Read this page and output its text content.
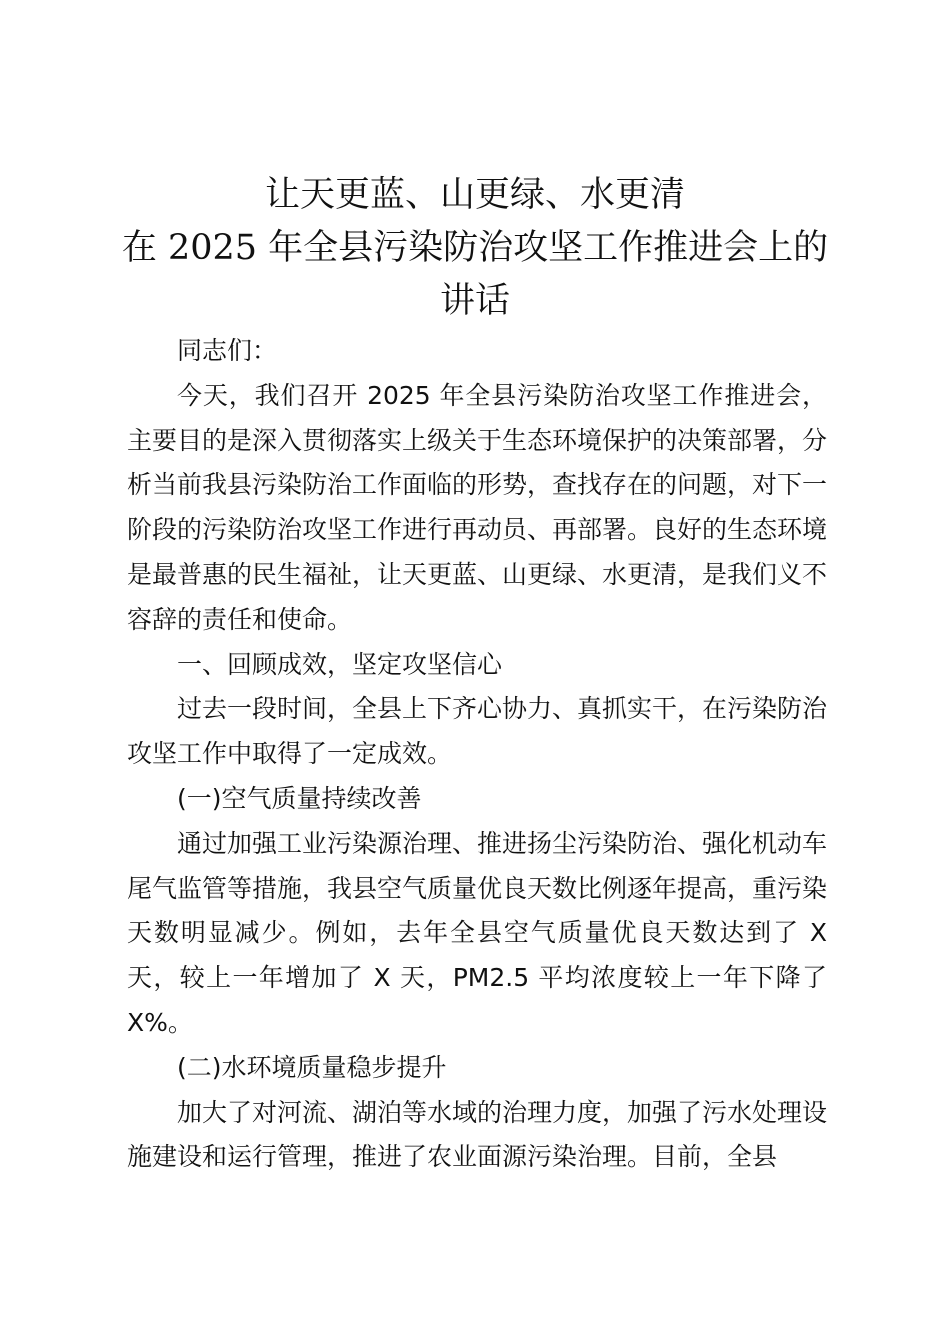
让天更蓝、山更绿、水更清
在 2025 年全县污染防治攻坚工作推进会上的
讲话

同志们：

今天，我们召开 2025 年全县污染防治攻坚工作推进会，主要目的是深入贯彻落实上级关于生态环境保护的决策部署，分析当前我县污染防治工作面临的形势，查找存在的问题，对下一阶段的污染防治攻坚工作进行再动员、再部署。良好的生态环境是最普惠的民生福祉，让天更蓝、山更绿、水更清，是我们义不容辞的责任和使命。

一、回顾成效，坚定攻坚信心

过去一段时间，全县上下齐心协力、真抓实干，在污染防治攻坚工作中取得了一定成效。

(一)空气质量持续改善

通过加强工业污染源治理、推进扬尘污染防治、强化机动车尾气监管等措施，我县空气质量优良天数比例逐年提高，重污染天数明显减少。例如，去年全县空气质量优良天数达到了 X 天，较上一年增加了 X 天，PM2.5 平均浓度较上一年下降了 X%。

(二)水环境质量稳步提升

加大了对河流、湖泊等水域的治理力度，加强了污水处理设施建设和运行管理，推进了农业面源污染治理。目前，全县
